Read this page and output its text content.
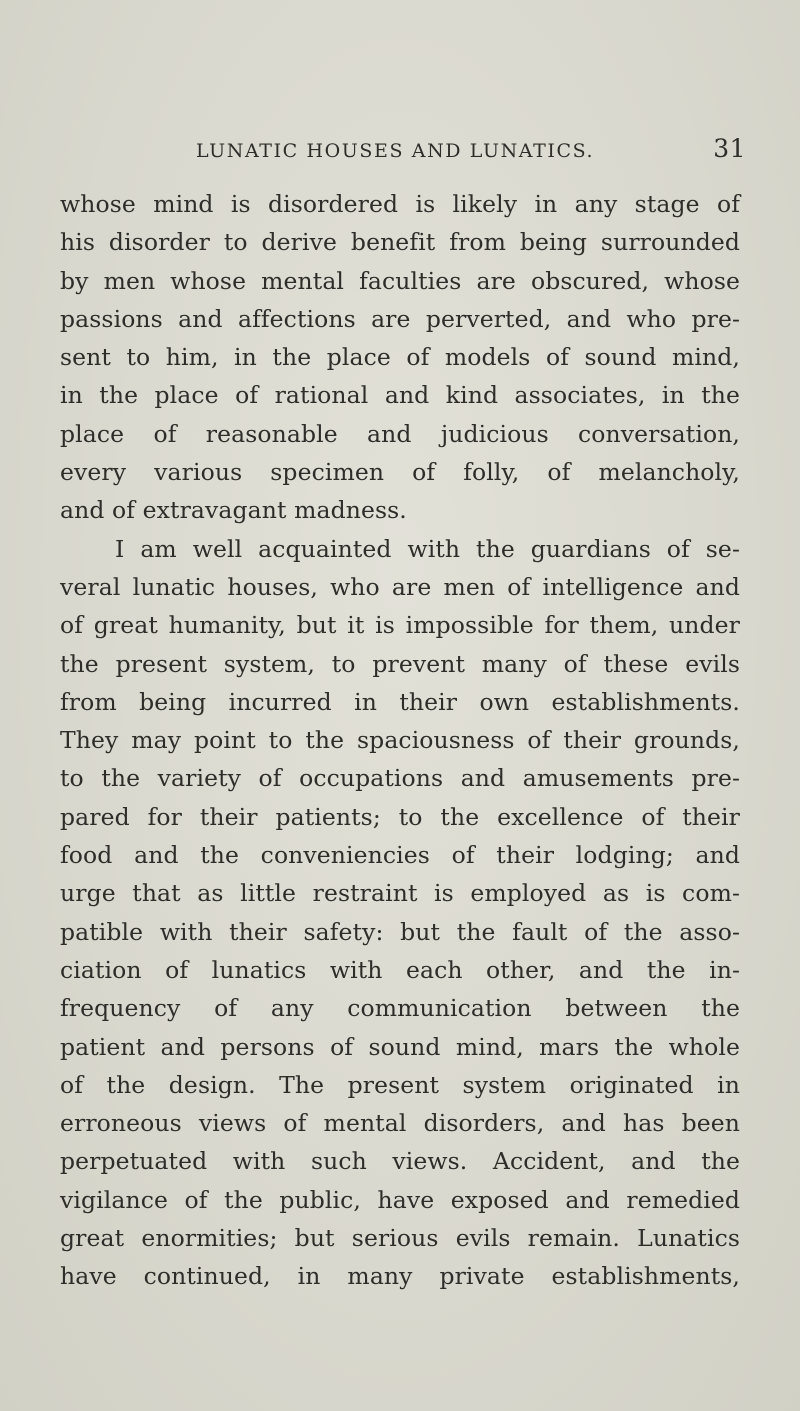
LUNATIC HOUSES AND LUNATICS.	31
whose mind is disordered is likely in any stage of
his disorder to derive benefit from being surrounded
by men whose mental faculties are obscured, whose
passions and affections are perverted, and who pre-
sent to him, in the place of models of sound mind,
in the place of rational and kind associates, in the
place of reasonable and judicious conversation,
every various specimen of folly, of melancholy,
and of extravagant madness.
I am well acquainted with the guardians of se-
veral lunatic houses, who are men of intelligence and
of great humanity, but it is impossible for them, under
the present system, to prevent many of these evils
from being incurred in their own establishments.
They may point to the spaciousness of their grounds,
to the variety of occupations and amusements pre-
pared for their patients; to the excellence of their
food and the conveniencies of their lodging; and
urge that as little restraint is employed as is com-
patible with their safety: but the fault of the asso-
ciation of lunatics with each other, and the in-
frequency of any communication between the
patient and persons of sound mind, mars the whole
of the design. The present system originated in
erroneous views of mental disorders, and has been
perpetuated with such views. Accident, and the
vigilance of the public, have exposed and remedied
great enormities; but serious evils remain. Lunatics
have continued, in many private establishments,
